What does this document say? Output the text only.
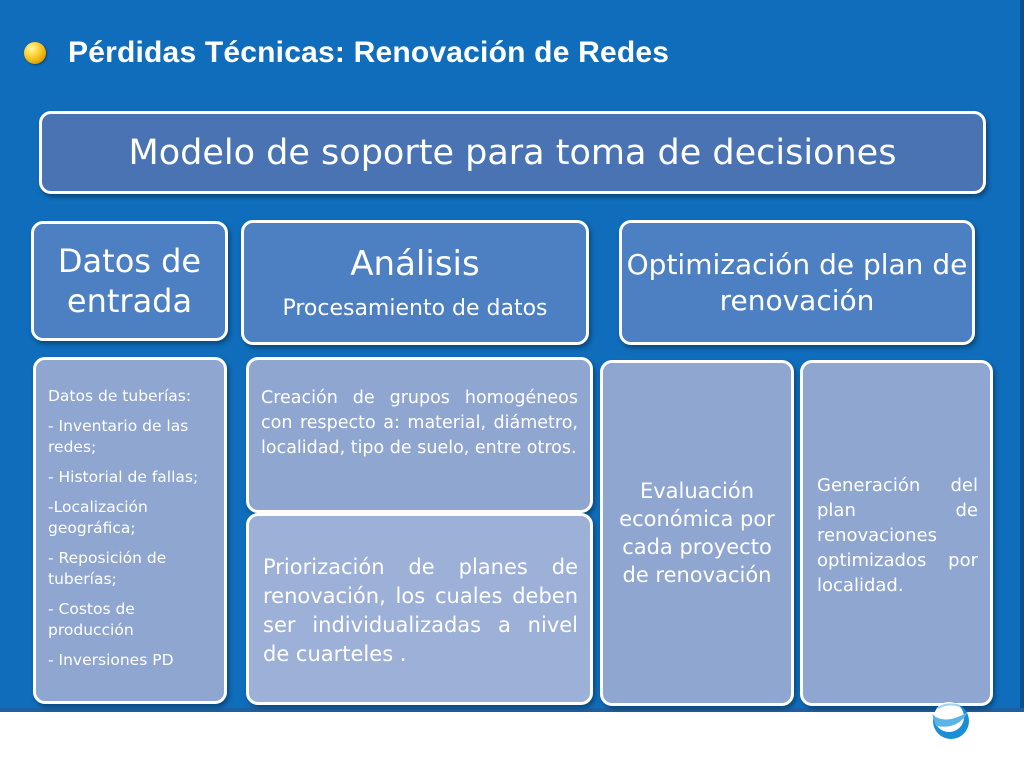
Pérdidas Técnicas: Renovación de Redes
Modelo de soporte para toma de decisiones
Datos de entrada
Análisis
Procesamiento de datos
Optimización de plan de renovación

Datos de tuberías:

- Inventario de las redes;

- Historial de fallas;

-Localización geográfica;

- Reposición de tuberías;

- Costos de producción

- Inversiones PD

Creación de grupos homogéneos con respecto a: material, diámetro, localidad, tipo de suelo, entre otros.
Priorización de planes de renovación, los cuales deben ser individualizadas a nivel de cuarteles .
Evaluación económica por cada proyecto de renovación
Generación del plan de renovaciones optimizados por localidad.
